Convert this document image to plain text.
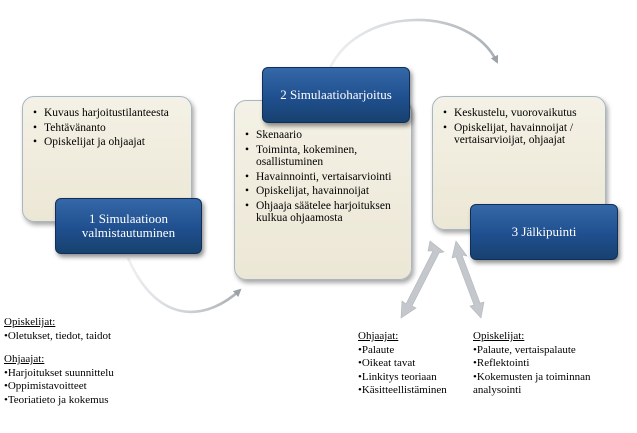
• Kuvaus harjoitustilanteesta
• Tehtävänanto
• Opiskelijat ja ohjaajat
1 Simulaatioon valmistautuminen
• Skenaario
• Toiminta, kokeminen, osallistuminen
• Havainnointi, vertaisarviointi
• Opiskelijat, havainnoijat
• Ohjaaja säätelee harjoituksen kulkua ohjaamosta
2 Simulaatioharjoitus
• Keskustelu, vuorovaikutus
• Opiskelijat, havainnoijat / vertaisarvioijat, ohjaajat
3 Jälkipuinti
Opiskelijat:
•Oletukset, tiedot, taidot
Ohjaajat:
•Harjoitukset suunnittelu
•Oppimistavoitteet
•Teoriatieto ja kokemus
Ohjaajat:
•Palaute
•Oikeat tavat
•Linkitys teoriaan
•Käsitteellistäminen
Opiskelijat:
•Palaute, vertaispalaute
•Reflektointi
•Kokemusten ja toiminnan analysointi
